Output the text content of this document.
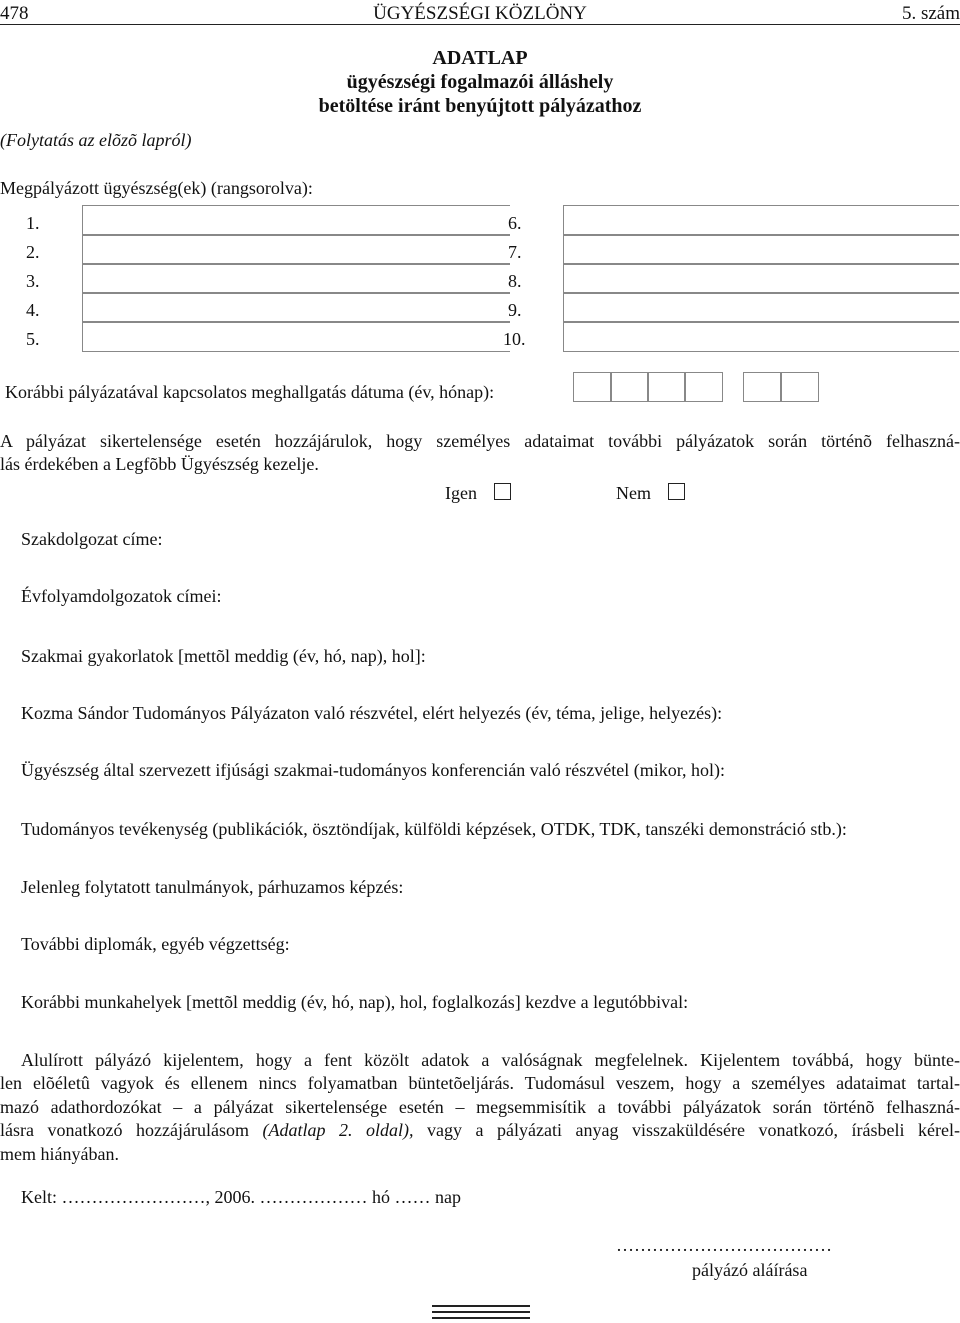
478	ÜGYÉSZSÉGI KÖZLÖNY	5. szám
ADATLAP
ügyészségi fogalmazói álláshely
betöltése iránt benyújtott pályázathoz
(Folytatás az elõzõ lapról)
Megpályázott ügyészség(ek) (rangsorolva):
1.
2.
3.
4.
5.
6.
7.
8.
9.
10.
Korábbi pályázatával kapcsolatos meghallgatás dátuma (év, hónap):
A pályázat sikertelensége esetén hozzájárulok, hogy személyes adataimat további pályázatok során történõ felhaszná-
lás érdekében a Legfõbb Ügyészség kezelje.
Igen	Nem
Szakdolgozat címe:
Évfolyamdolgozatok címei:
Szakmai gyakorlatok [mettõl meddig (év, hó, nap), hol]:
Kozma Sándor Tudományos Pályázaton való részvétel, elért helyezés (év, téma, jelige, helyezés):
Ügyészség által szervezett ifjúsági szakmai-tudományos konferencián való részvétel (mikor, hol):
Tudományos tevékenység (publikációk, ösztöndíjak, külföldi képzések, OTDK, TDK, tanszéki demonstráció stb.):
Jelenleg folytatott tanulmányok, párhuzamos képzés:
További diplomák, egyéb végzettség:
Korábbi munkahelyek [mettõl meddig (év, hó, nap), hol, foglalkozás] kezdve a legutóbbival:
Alulírott pályázó kijelentem, hogy a fent közölt adatok a valóságnak megfelelnek. Kijelentem továbbá, hogy bünte-
len elõéletû vagyok és ellenem nincs folyamatban büntetõeljárás. Tudomásul veszem, hogy a személyes adataimat tartal-
mazó adathordozókat – a pályázat sikertelensége esetén – megsemmisítik a további pályázatok során történõ felhaszná-
lásra vonatkozó hozzájárulásom (Adatlap 2. oldal), vagy a pályázati anyag visszaküldésére vonatkozó, írásbeli kérel-
mem hiányában.
Kelt: ……………………, 2006. ……………… hó …… nap
………………………………
pályázó aláírása
